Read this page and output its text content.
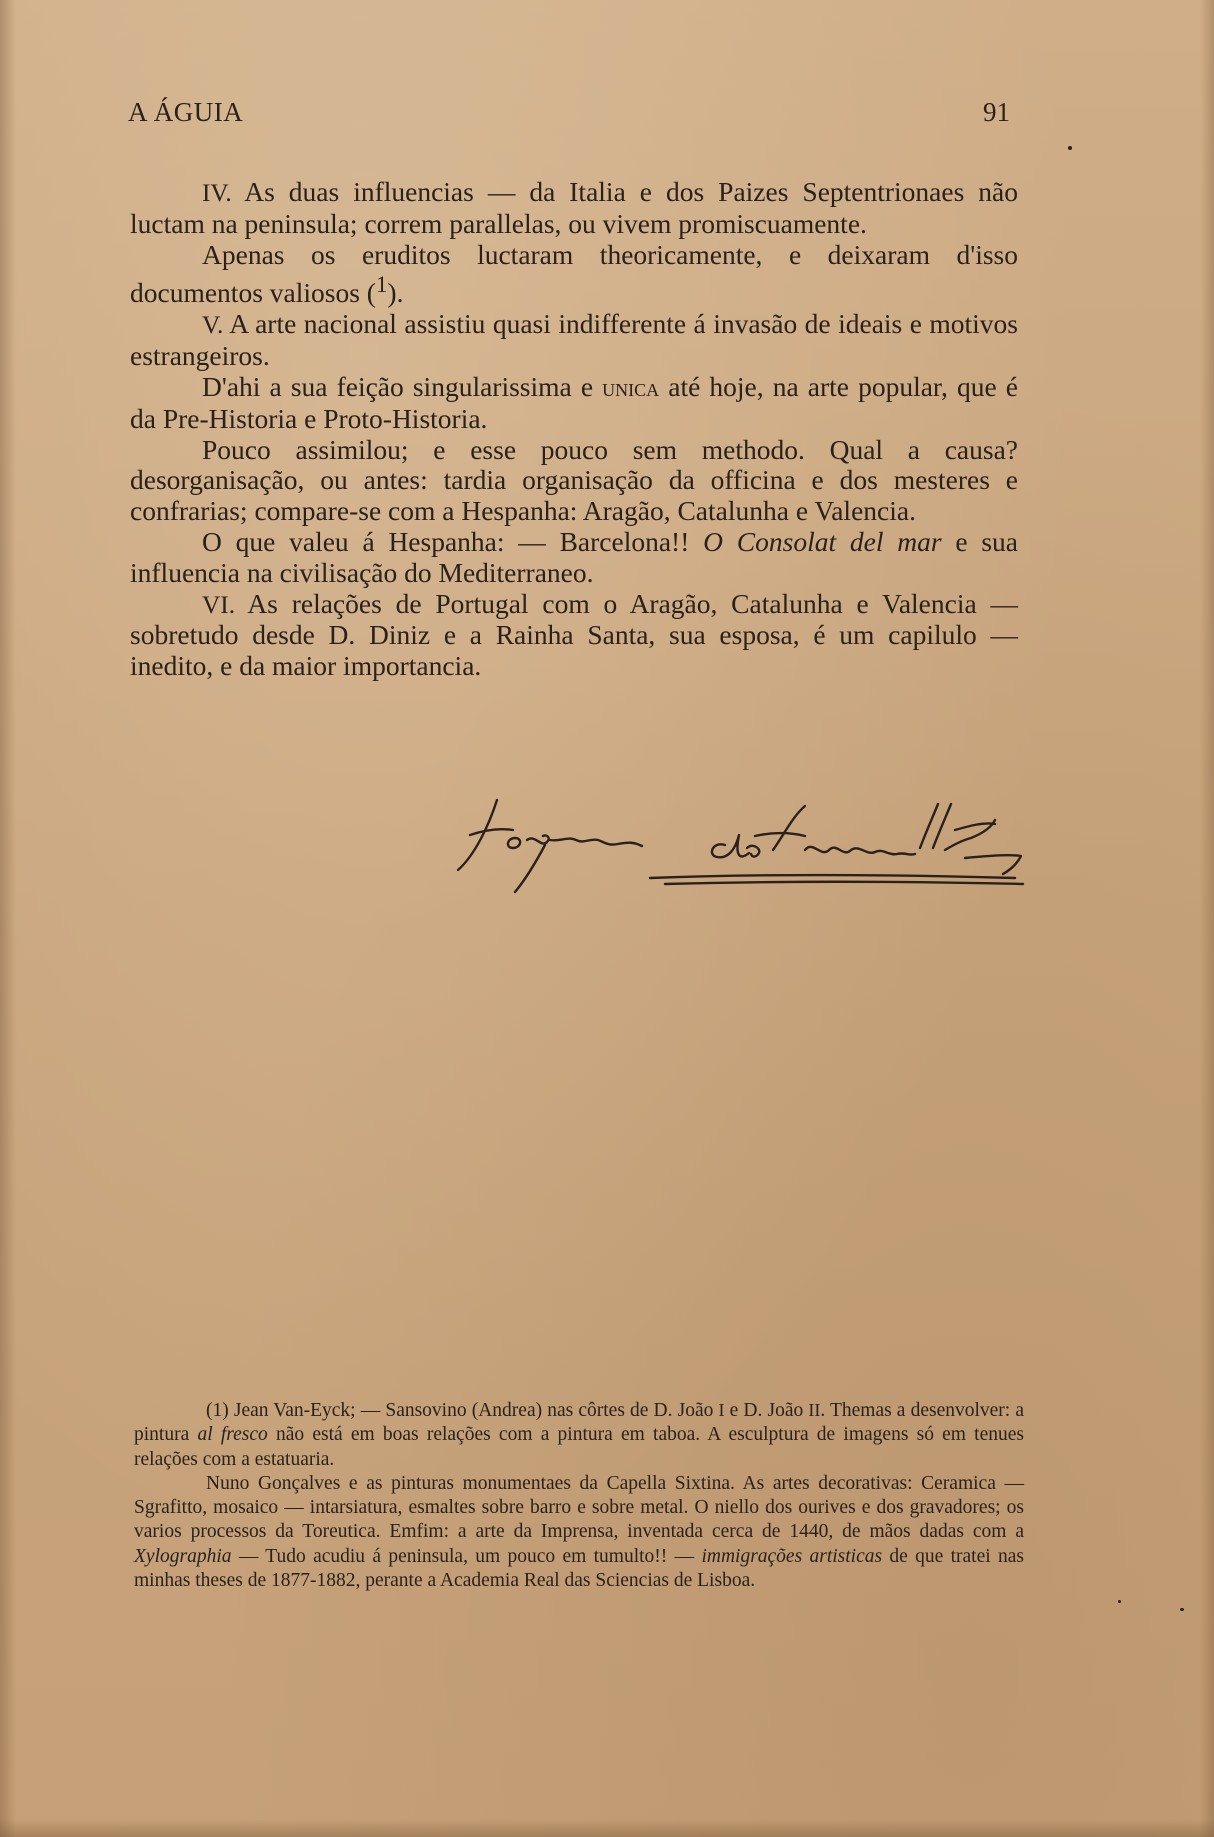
A ÁGUIA	91

IV. As duas influencias — da Italia e dos Paizes Septentrionaes não luctam na peninsula; correm parallelas, ou vivem promiscuamente.

Apenas os eruditos luctaram theoricamente, e deixaram d'isso documentos valiosos ($^1$).

V. A arte nacional assistiu quasi indifferente á invasão de ideais e motivos estrangeiros.

D'ahi a sua feição singularissima e unica até hoje, na arte popular, que é da Pre-Historia e Proto-Historia.

Pouco assimilou; e esse pouco sem methodo. Qual a causa? desorganisação, ou antes: tardia organisação da officina e dos mesteres e confrarias; compare-se com a Hespanha: Aragão, Catalunha e Valencia.

O que valeu á Hespanha: — Barcelona!! O Consolat del mar e sua influencia na civilisação do Mediterraneo.

VI. As relações de Portugal com o Aragão, Catalunha e Valencia — sobretudo desde D. Diniz e a Rainha Santa, sua esposa, é um capilulo — inedito, e da maior importancia.

(1) Jean Van-Eyck; — Sansovino (Andrea) nas côrtes de D. João I e D. João II. Themas a desenvolver: a pintura al fresco não está em boas relações com a pintura em taboa. A esculptura de imagens só em tenues relações com a estatuaria.

Nuno Gonçalves e as pinturas monumentaes da Capella Sixtina. As artes decorativas: Ceramica — Sgrafitto, mosaico — intarsiatura, esmaltes sobre barro e sobre metal. O niello dos ourives e dos gravadores; os varios processos da Toreutica. Emfim: a arte da Imprensa, inventada cerca de 1440, de mãos dadas com a Xylographia — Tudo acudiu á peninsula, um pouco em tumulto!! — immigrações artisticas de que tratei nas minhas theses de 1877-1882, perante a Academia Real das Sciencias de Lisboa.
